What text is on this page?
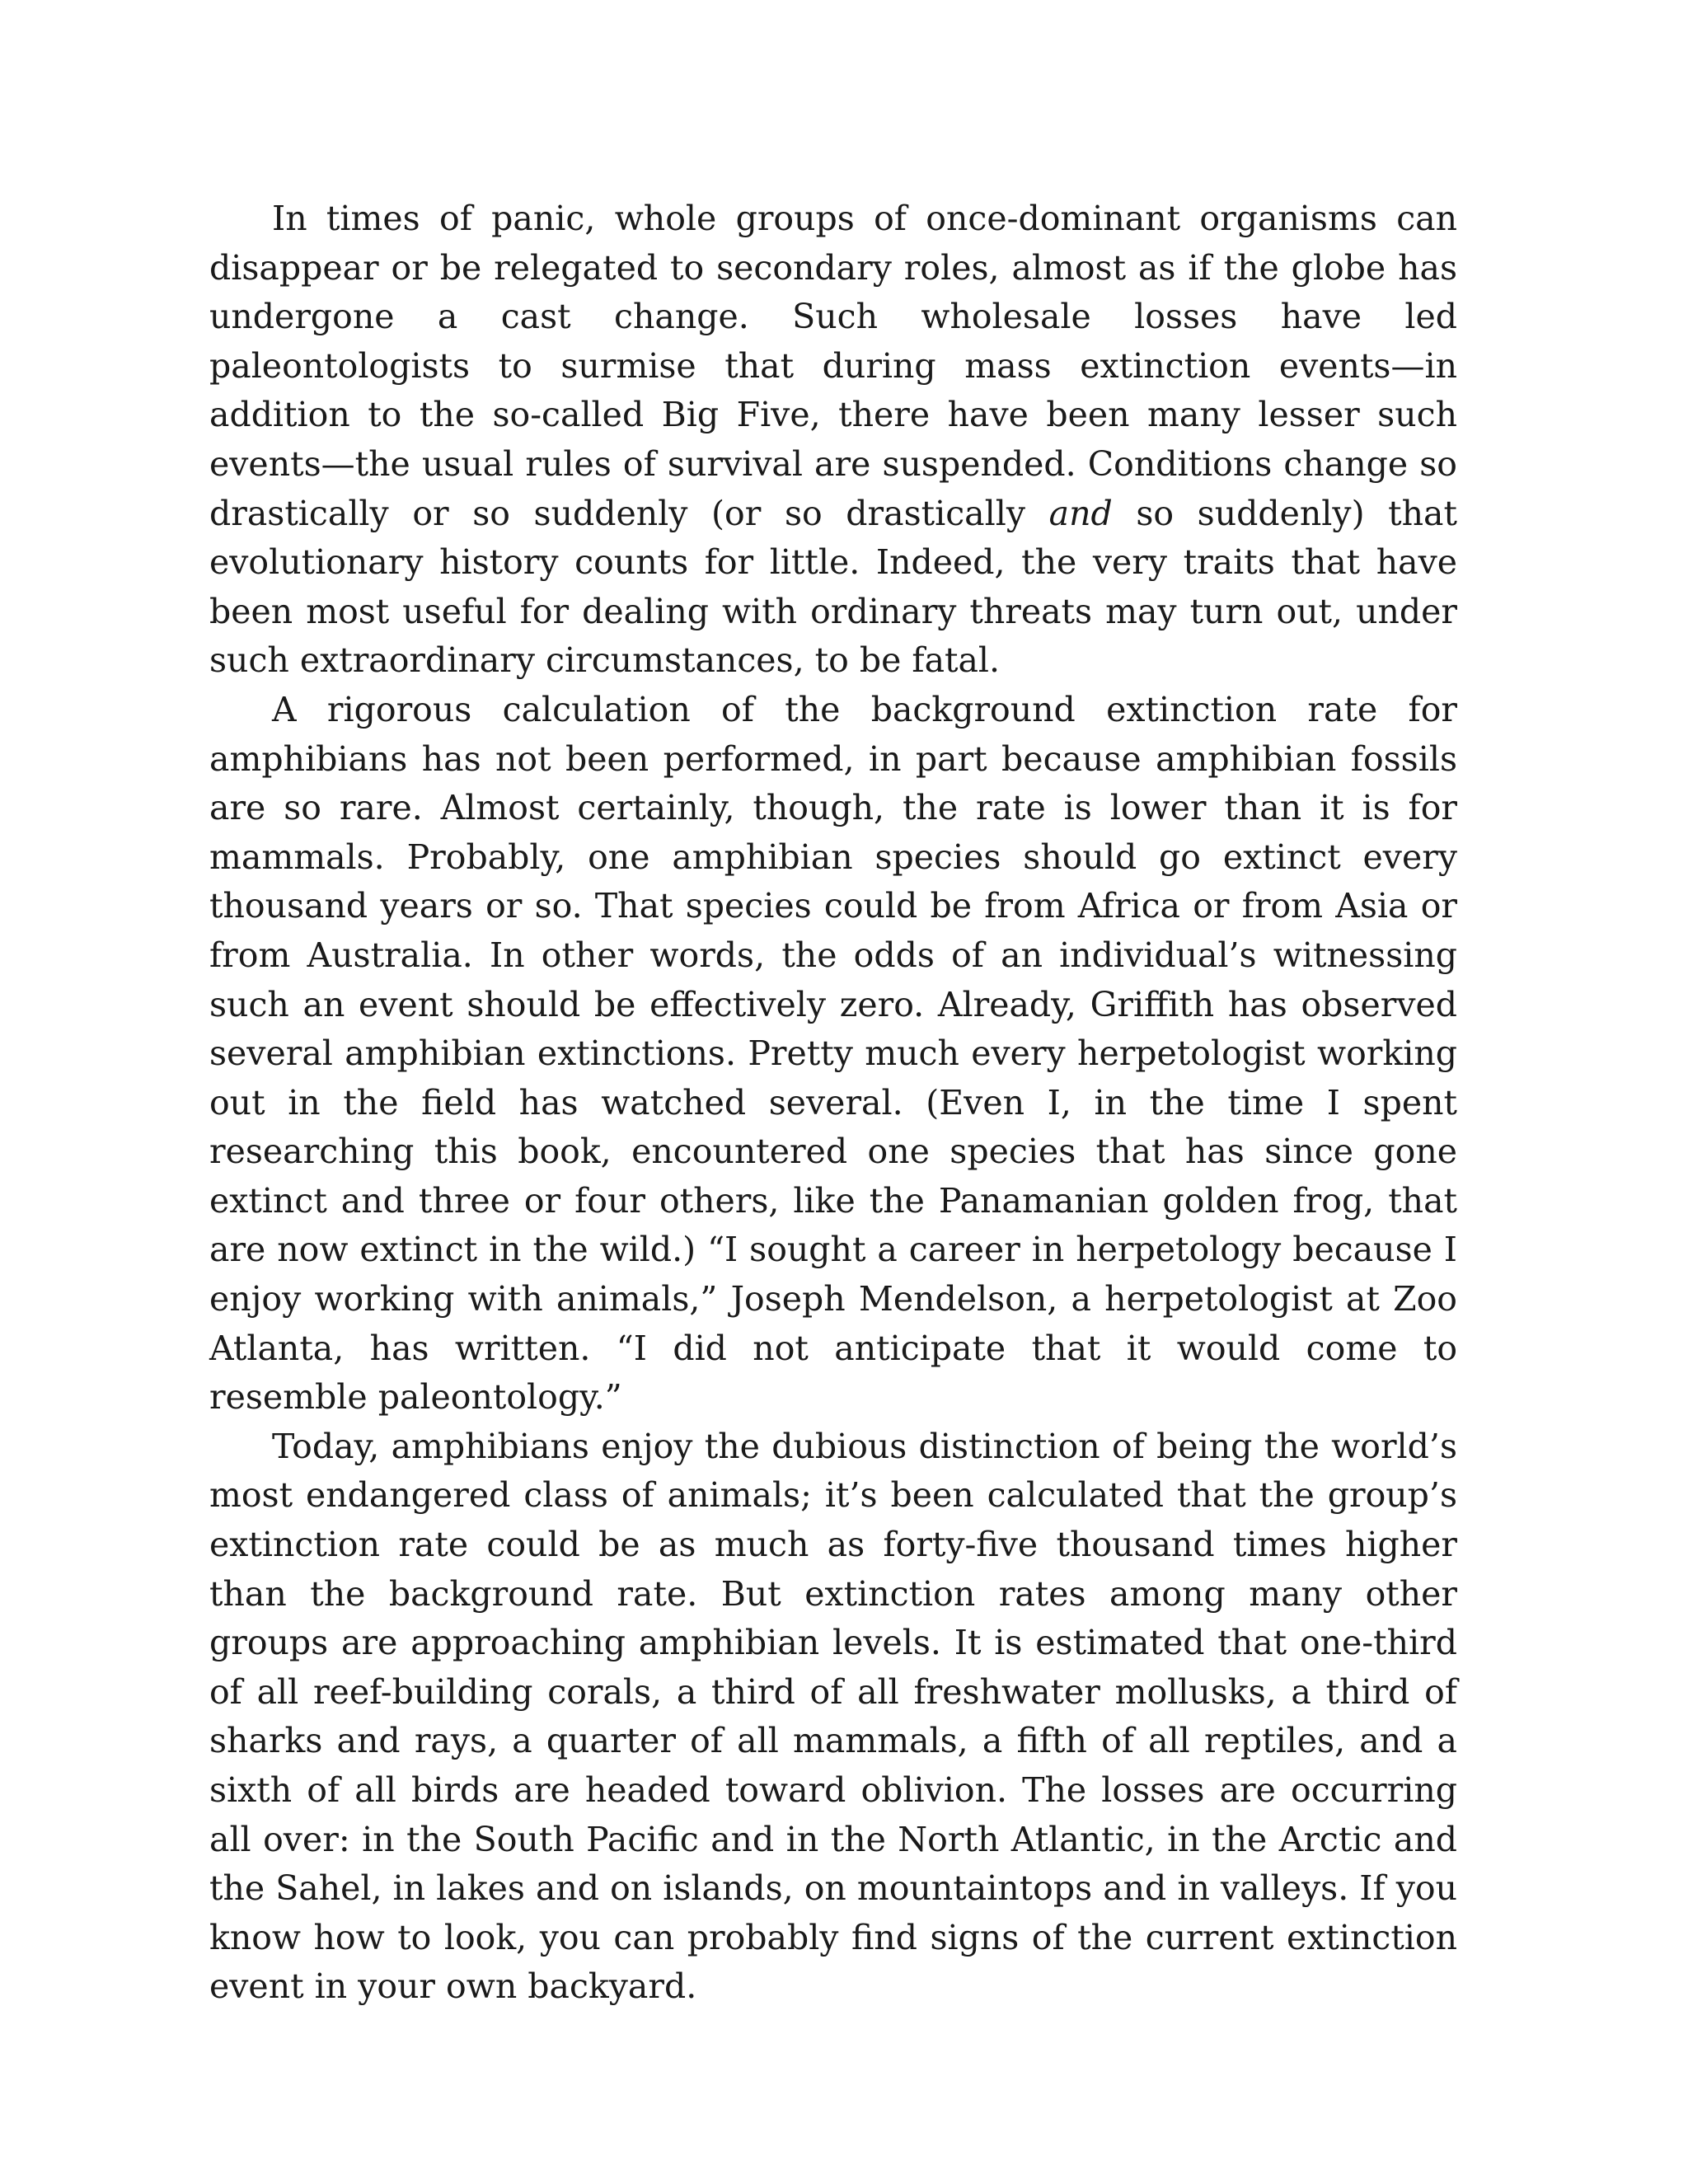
In times of panic, whole groups of once-dominant organisms can disappear or be relegated to secondary roles, almost as if the globe has undergone a cast change. Such wholesale losses have led paleontologists to surmise that during mass extinction events—in addition to the so-called Big Five, there have been many lesser such events—the usual rules of survival are suspended. Conditions change so drastically or so suddenly (or so drastically and so suddenly) that evolutionary history counts for little. Indeed, the very traits that have been most useful for dealing with ordinary threats may turn out, under such extraordinary circumstances, to be fatal.

A rigorous calculation of the background extinction rate for amphibians has not been performed, in part because amphibian fossils are so rare. Almost certainly, though, the rate is lower than it is for mammals. Probably, one amphibian species should go extinct every thousand years or so. That species could be from Africa or from Asia or from Australia. In other words, the odds of an individual’s witnessing such an event should be effectively zero. Already, Griffith has observed several amphibian extinctions. Pretty much every herpetologist working out in the field has watched several. (Even I, in the time I spent researching this book, encountered one species that has since gone extinct and three or four others, like the Panamanian golden frog, that are now extinct in the wild.) “I sought a career in herpetology because I enjoy working with animals,” Joseph Mendelson, a herpetologist at Zoo Atlanta, has written. “I did not anticipate that it would come to resemble paleontology.”

Today, amphibians enjoy the dubious distinction of being the world’s most endangered class of animals; it’s been calculated that the group’s extinction rate could be as much as forty-five thousand times higher than the background rate. But extinction rates among many other groups are approaching amphibian levels. It is estimated that one-third of all reef-building corals, a third of all freshwater mollusks, a third of sharks and rays, a quarter of all mammals, a fifth of all reptiles, and a sixth of all birds are headed toward oblivion. The losses are occurring all over: in the South Pacific and in the North Atlantic, in the Arctic and the Sahel, in lakes and on islands, on mountaintops and in valleys. If you know how to look, you can probably find signs of the current extinction event in your own backyard.
